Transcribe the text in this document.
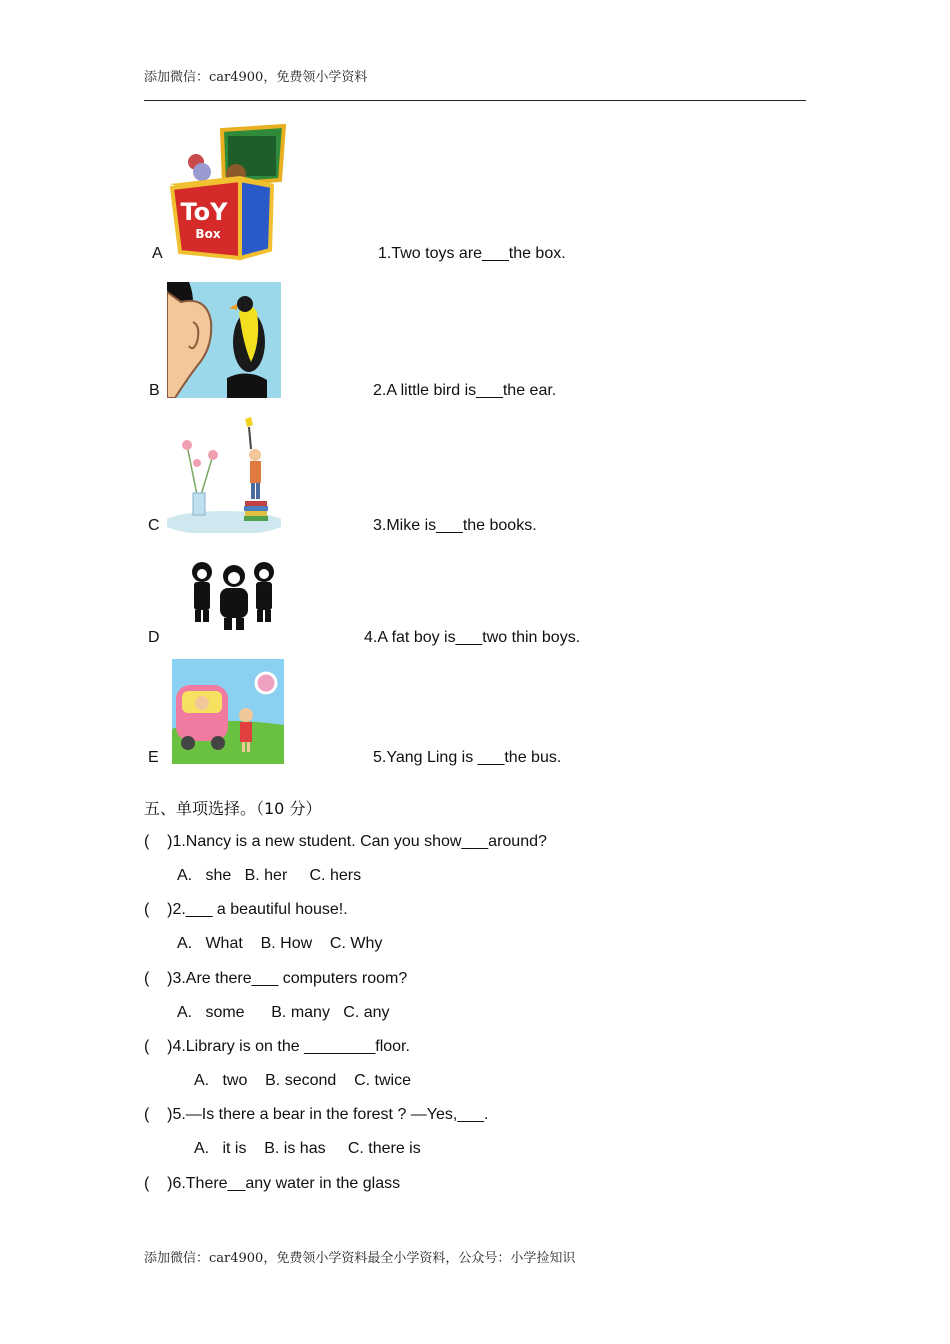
添加微信：car4900，免费领小学资料
ToY
Box
A	1.Two toys are___the box.
B	2.A little bird is___the ear.
C	3.Mike is___the books.
D	4.A fat boy is___two thin boys.
E	5.Yang Ling is ___the bus.
五、单项选择。（10 分）
(    )1.Nancy is a new student. Can you show___around?
A.   she   B. her     C. hers
(    )2.___ a beautiful house!.
A.   What    B. How    C. Why
(    )3.Are there___ computers room?
A.   some      B. many   C. any
(    )4.Library is on the ________floor.
A.   two    B. second    C. twice
(    )5.—Is there a bear in the forest ? —Yes,___.
A.   it is    B. is has     C. there is
(    )6.There__any water in the glass
添加微信：car4900，免费领小学资料最全小学资料，公众号：小学捡知识
